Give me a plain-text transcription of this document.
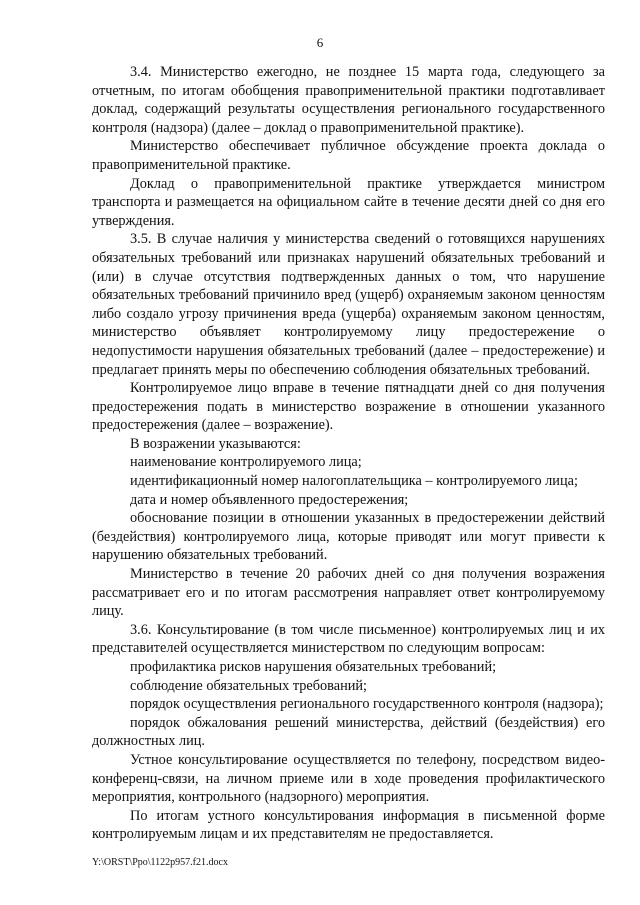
6

3.4. Министерство ежегодно, не позднее 15 марта года, следующего за отчетным, по итогам обобщения правоприменительной практики подготавливает доклад, содержащий результаты осуществления регионального государственного контроля (надзора) (далее – доклад о правоприменительной практике).

Министерство обеспечивает публичное обсуждение проекта доклада о правоприменительной практике.

Доклад о правоприменительной практике утверждается министром транспорта и размещается на официальном сайте в течение десяти дней со дня его утверждения.

3.5. В случае наличия у министерства сведений о готовящихся нарушениях обязательных требований или признаках нарушений обязательных требований и (или) в случае отсутствия подтвержденных данных о том, что нарушение обязательных требований причинило вред (ущерб) охраняемым законом ценностям либо создало угрозу причинения вреда (ущерба) охраняемым законом ценностям, министерство объявляет контролируемому лицу предостережение о недопустимости нарушения обязательных требований (далее – предостережение) и предлагает принять меры по обеспечению соблюдения обязательных требований.

Контролируемое лицо вправе в течение пятнадцати дней со дня получения предостережения подать в министерство возражение в отношении указанного предостережения (далее – возражение).

В возражении указываются:

наименование контролируемого лица;

идентификационный номер налогоплательщика – контролируемого лица;

дата и номер объявленного предостережения;

обоснование позиции в отношении указанных в предостережении действий (бездействия) контролируемого лица, которые приводят или могут привести к нарушению обязательных требований.

Министерство в течение 20 рабочих дней со дня получения возражения рассматривает его и по итогам рассмотрения направляет ответ контролируемому лицу.

3.6. Консультирование (в том числе письменное) контролируемых лиц и их представителей осуществляется министерством по следующим вопросам:

профилактика рисков нарушения обязательных требований;

соблюдение обязательных требований;

порядок осуществления регионального государственного контроля (надзора);

порядок обжалования решений министерства, действий (бездействия) его должностных лиц.

Устное консультирование осуществляется по телефону, посредством видео-конференц-связи, на личном приеме или в ходе проведения профилактического мероприятия, контрольного (надзорного) мероприятия.

По итогам устного консультирования информация в письменной форме контролируемым лицам и их представителям не предоставляется.

Y:\ORST\Ppo\1122p957.f21.docx
